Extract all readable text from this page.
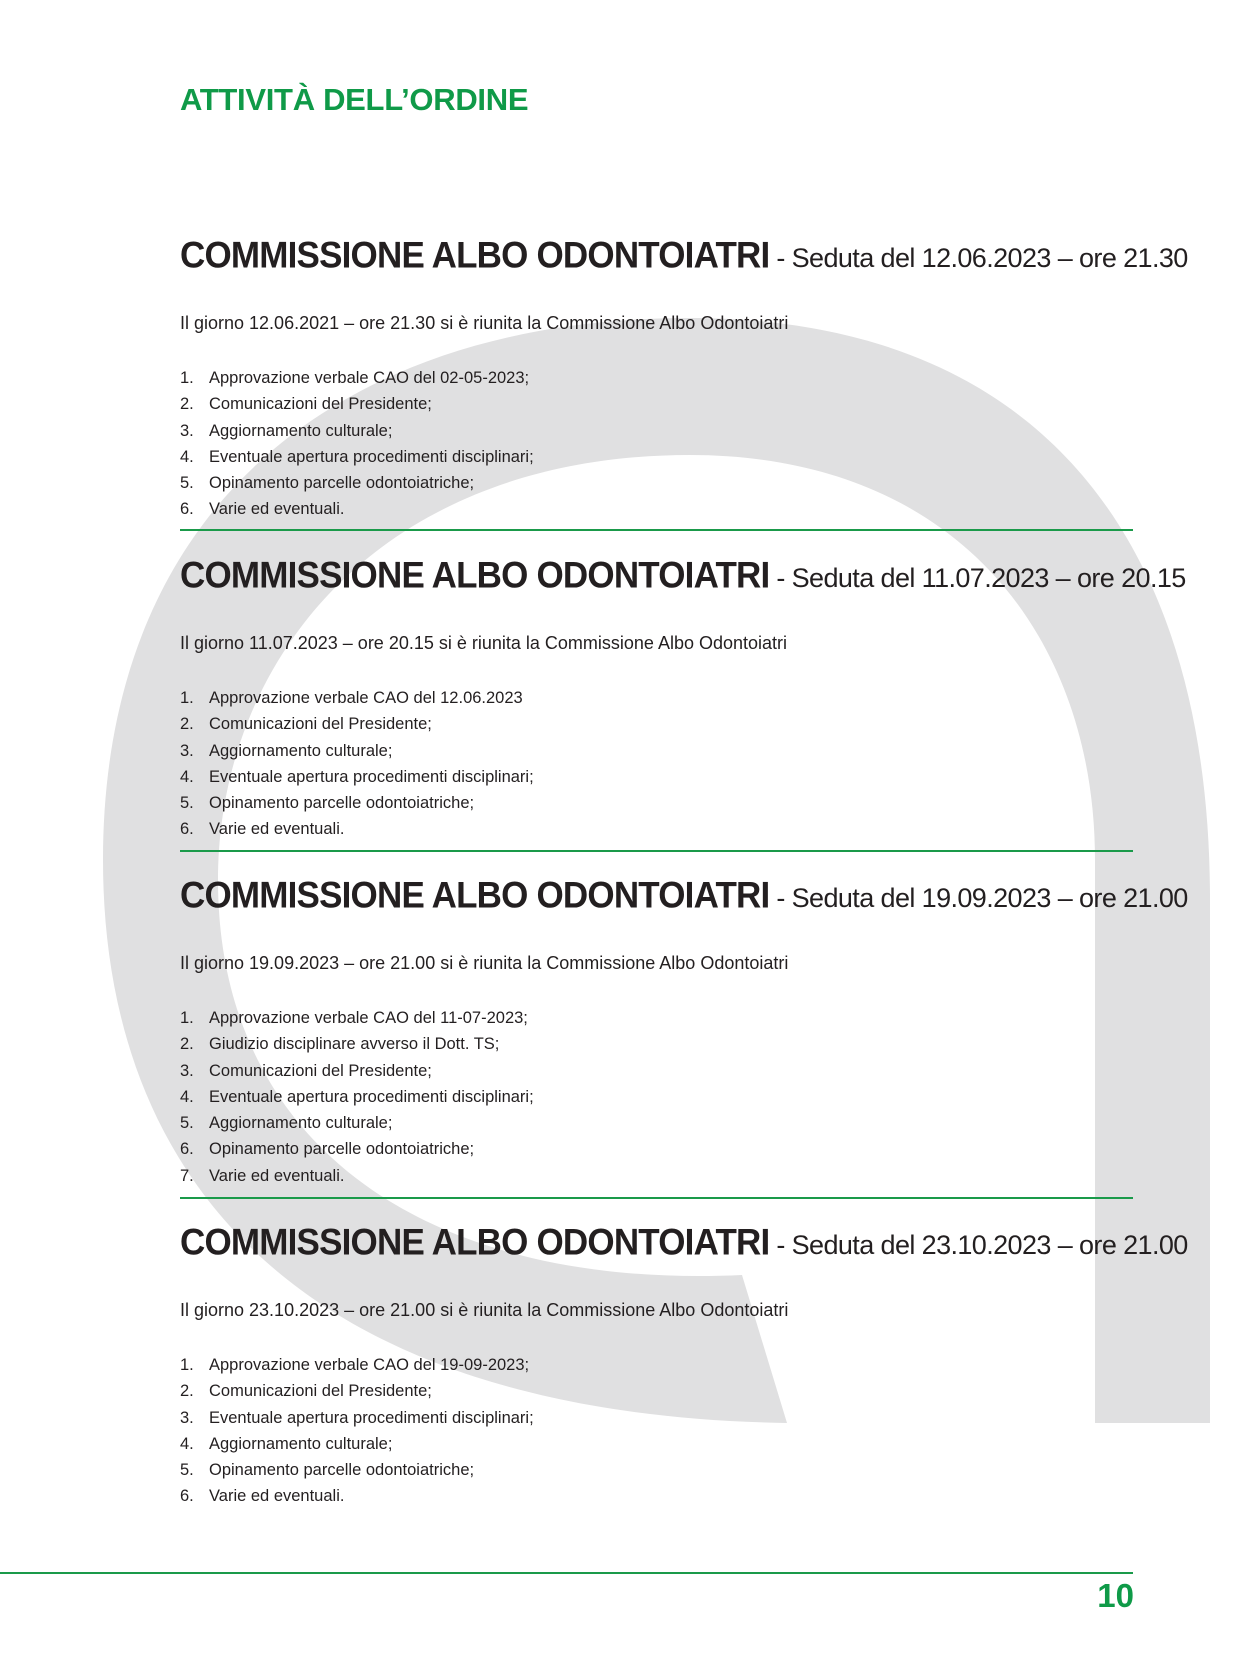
ATTIVITÀ DELL’ORDINE
COMMISSIONE ALBO ODONTOIATRI - Seduta del 12.06.2023 – ore 21.30

Il giorno 12.06.2021 – ore 21.30 si è riunita la Commissione Albo Odontoiatri

1. Approvazione verbale CAO del 02-05-2023;
2. Comunicazioni del Presidente;
3. Aggiornamento culturale;
4. Eventuale apertura procedimenti disciplinari;
5. Opinamento parcelle odontoiatriche;
6. Varie ed eventuali.
COMMISSIONE ALBO ODONTOIATRI - Seduta del 11.07.2023 – ore 20.15

Il giorno 11.07.2023 – ore 20.15 si è riunita la Commissione Albo Odontoiatri

1. Approvazione verbale CAO del 12.06.2023
2. Comunicazioni del Presidente;
3. Aggiornamento culturale;
4. Eventuale apertura procedimenti disciplinari;
5. Opinamento parcelle odontoiatriche;
6. Varie ed eventuali.
COMMISSIONE ALBO ODONTOIATRI - Seduta del 19.09.2023 – ore 21.00

Il giorno 19.09.2023 – ore 21.00 si è riunita la Commissione Albo Odontoiatri

1. Approvazione verbale CAO del 11-07-2023;
2. Giudizio disciplinare avverso il Dott. TS;
3. Comunicazioni del Presidente;
4. Eventuale apertura procedimenti disciplinari;
5. Aggiornamento culturale;
6. Opinamento parcelle odontoiatriche;
7. Varie ed eventuali.
COMMISSIONE ALBO ODONTOIATRI - Seduta del 23.10.2023 – ore 21.00

Il giorno 23.10.2023 – ore 21.00 si è riunita la Commissione Albo Odontoiatri

1. Approvazione verbale CAO del 19-09-2023;
2. Comunicazioni del Presidente;
3. Eventuale apertura procedimenti disciplinari;
4. Aggiornamento culturale;
5. Opinamento parcelle odontoiatriche;
6. Varie ed eventuali.

10
